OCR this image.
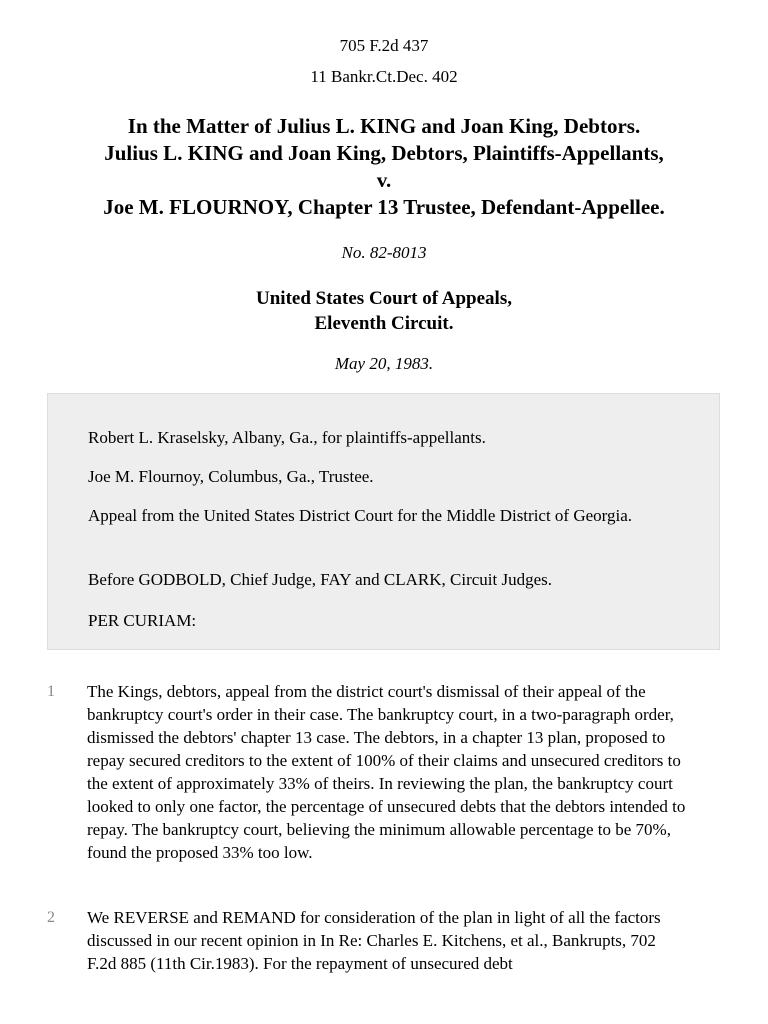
705 F.2d 437
11 Bankr.Ct.Dec. 402
In the Matter of Julius L. KING and Joan King, Debtors.
Julius L. KING and Joan King, Debtors, Plaintiffs-Appellants,
v.
Joe M. FLOURNOY, Chapter 13 Trustee, Defendant-Appellee.
No. 82-8013
United States Court of Appeals,
Eleventh Circuit.
May 20, 1983.
Robert L. Kraselsky, Albany, Ga., for plaintiffs-appellants.
Joe M. Flournoy, Columbus, Ga., Trustee.
Appeal from the United States District Court for the Middle District of Georgia.
Before GODBOLD, Chief Judge, FAY and CLARK, Circuit Judges.
PER CURIAM:
1 The Kings, debtors, appeal from the district court's dismissal of their appeal of the bankruptcy court's order in their case. The bankruptcy court, in a two-paragraph order, dismissed the debtors' chapter 13 case. The debtors, in a chapter 13 plan, proposed to repay secured creditors to the extent of 100% of their claims and unsecured creditors to the extent of approximately 33% of theirs. In reviewing the plan, the bankruptcy court looked to only one factor, the percentage of unsecured debts that the debtors intended to repay. The bankruptcy court, believing the minimum allowable percentage to be 70%, found the proposed 33% too low.
2 We REVERSE and REMAND for consideration of the plan in light of all the factors discussed in our recent opinion in In Re: Charles E. Kitchens, et al., Bankrupts, 702 F.2d 885 (11th Cir.1983). For the repayment of unsecured debt
